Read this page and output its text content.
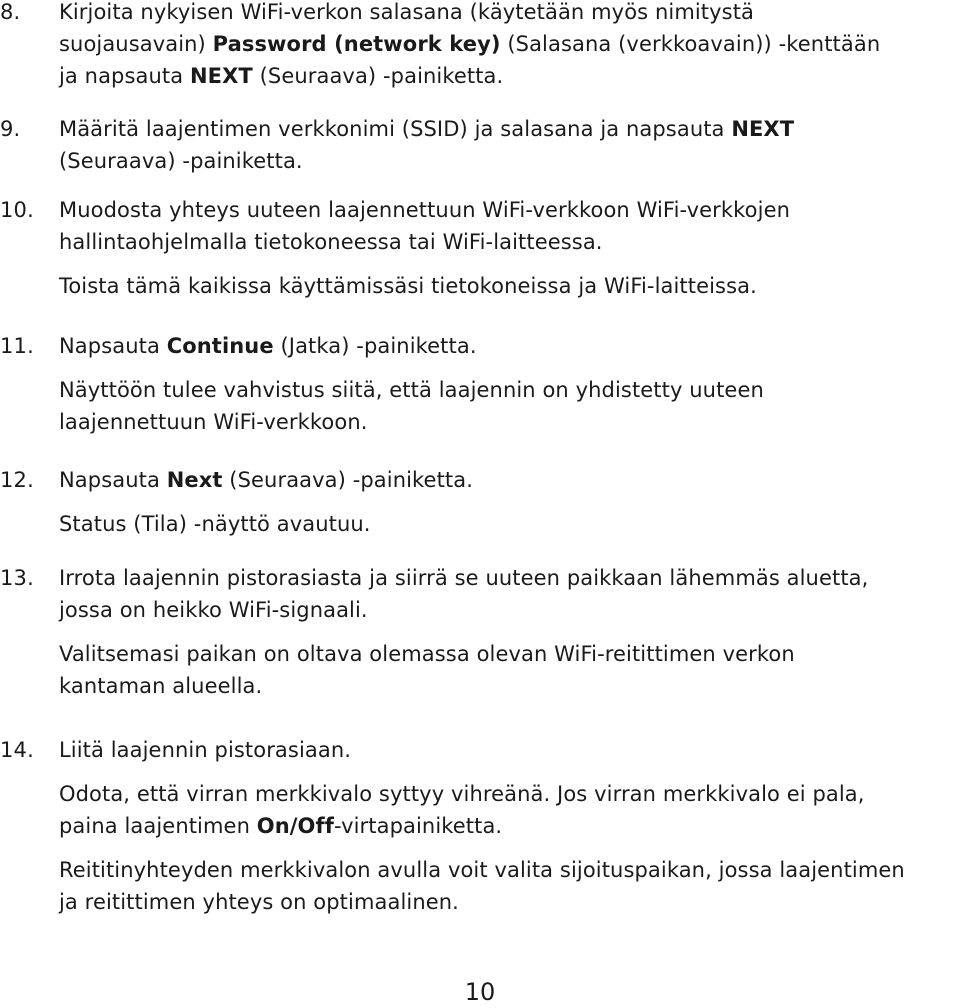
8. Kirjoita nykyisen WiFi-verkon salasana (käytetään myös nimitystä
suojausavain) Password (network key) (Salasana (verkkoavain)) -kenttään
ja napsauta NEXT (Seuraava) -painiketta.
9. Määritä laajentimen verkkonimi (SSID) ja salasana ja napsauta NEXT
(Seuraava) -painiketta.
10. Muodosta yhteys uuteen laajennettuun WiFi-verkkoon WiFi-verkkojen
hallintaohjelmalla tietokoneessa tai WiFi-laitteessa.
Toista tämä kaikissa käyttämissäsi tietokoneissa ja WiFi-laitteissa.
11. Napsauta Continue (Jatka) -painiketta.
Näyttöön tulee vahvistus siitä, että laajennin on yhdistetty uuteen
laajennettuun WiFi-verkkoon.
12. Napsauta Next (Seuraava) -painiketta.
Status (Tila) -näyttö avautuu.
13. Irrota laajennin pistorasiasta ja siirrä se uuteen paikkaan lähemmäs aluetta,
jossa on heikko WiFi-signaali.
Valitsemasi paikan on oltava olemassa olevan WiFi-reitittimen verkon
kantaman alueella.
14. Liitä laajennin pistorasiaan.
Odota, että virran merkkivalo syttyy vihreänä. Jos virran merkkivalo ei pala,
paina laajentimen On/Off-virtapainiketta.
Reititinyhteyden merkkivalon avulla voit valita sijoituspaikan, jossa laajentimen
ja reitittimen yhteys on optimaalinen.
10
